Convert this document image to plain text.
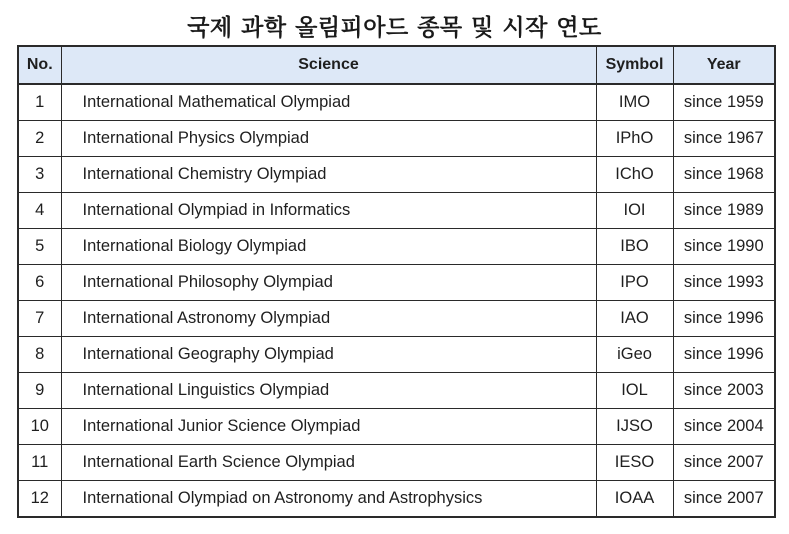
국제 과학 올림피아드 종목 및 시작 연도
No.	Science	Symbol	Year
1	International Mathematical Olympiad	IMO	since 1959
2	International Physics Olympiad	IPhO	since 1967
3	International Chemistry Olympiad	IChO	since 1968
4	International Olympiad in Informatics	IOI	since 1989
5	International Biology Olympiad	IBO	since 1990
6	International Philosophy Olympiad	IPO	since 1993
7	International Astronomy Olympiad	IAO	since 1996
8	International Geography Olympiad	iGeo	since 1996
9	International Linguistics Olympiad	IOL	since 2003
10	International Junior Science Olympiad	IJSO	since 2004
11	International Earth Science Olympiad	IESO	since 2007
12	International Olympiad on Astronomy and Astrophysics	IOAA	since 2007
